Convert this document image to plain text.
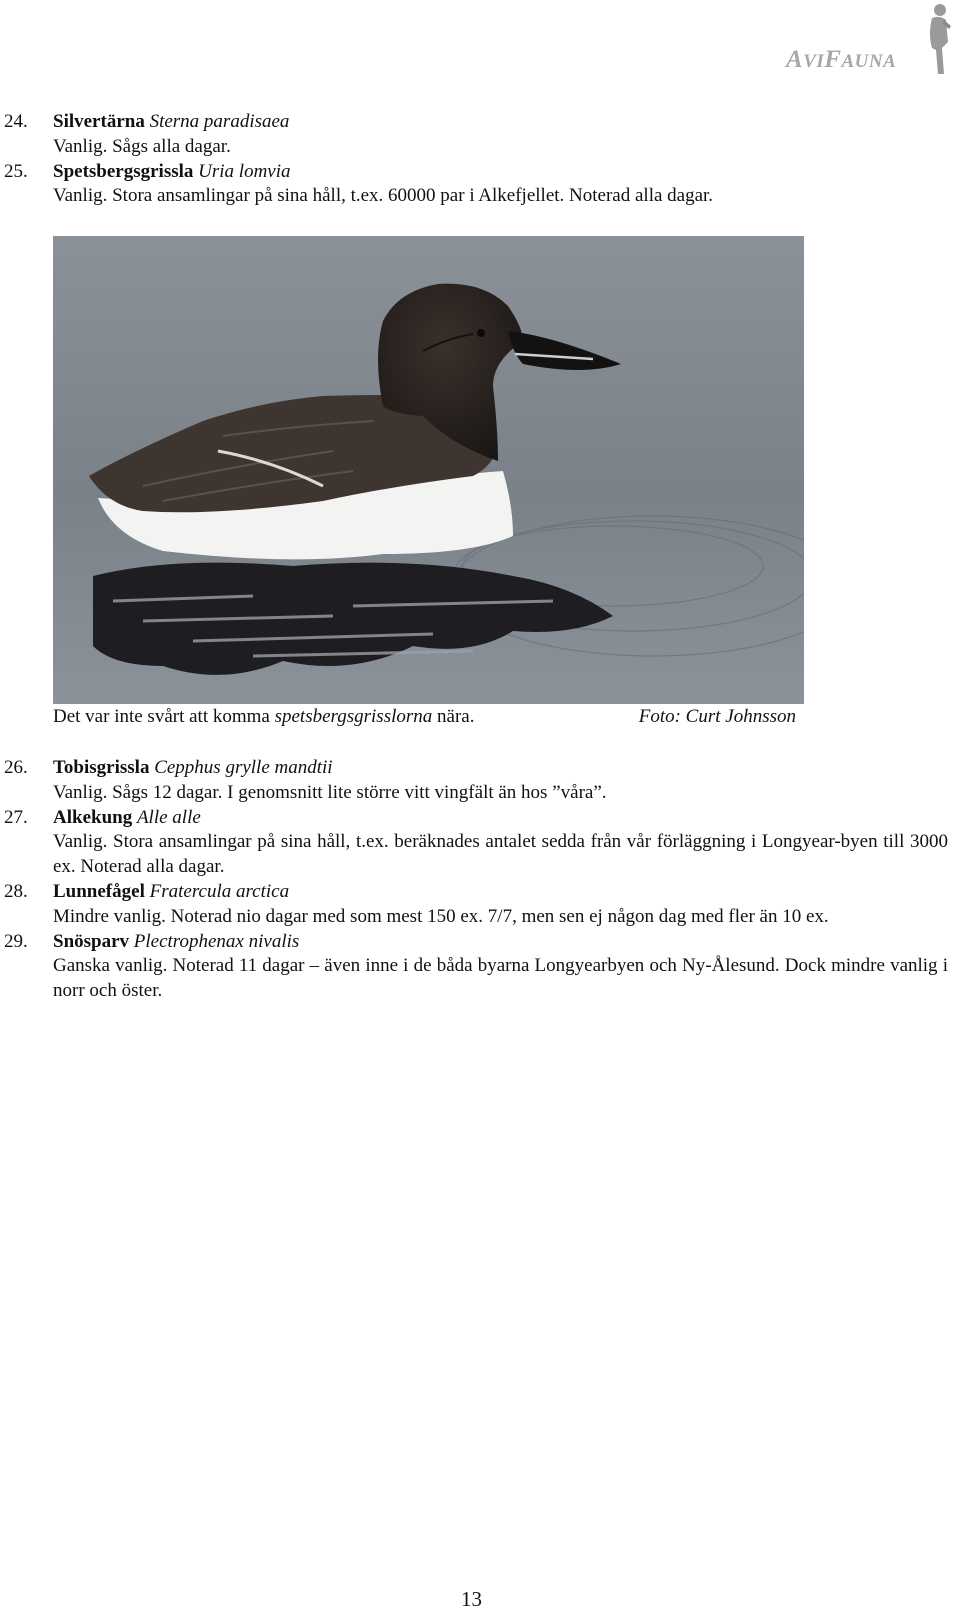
AVIFAUNA
24. Silvertärna Sterna paradisaea
Vanlig. Sågs alla dagar.
25. Spetsbergsgrissla Uria lomvia
Vanlig. Stora ansamlingar på sina håll, t.ex. 60000 par i Alkefjellet. Noterad alla dagar.
Det var inte svårt att komma spetsbergsgrisslorna nära.	Foto: Curt Johnsson
26. Tobisgrissla Cepphus grylle mandtii
Vanlig. Sågs 12 dagar. I genomsnitt lite större vitt vingfält än hos ”våra”.
27. Alkekung Alle alle
Vanlig. Stora ansamlingar på sina håll, t.ex. beräknades antalet sedda från vår förläggning i Longyear-byen till 3000 ex. Noterad alla dagar.
28. Lunnefågel Fratercula arctica
Mindre vanlig. Noterad nio dagar med som mest 150 ex. 7/7, men sen ej någon dag med fler än 10 ex.
29. Snösparv Plectrophenax nivalis
Ganska vanlig. Noterad 11 dagar – även inne i de båda byarna Longyearbyen och Ny-Ålesund. Dock mindre vanlig i norr och öster.
13
